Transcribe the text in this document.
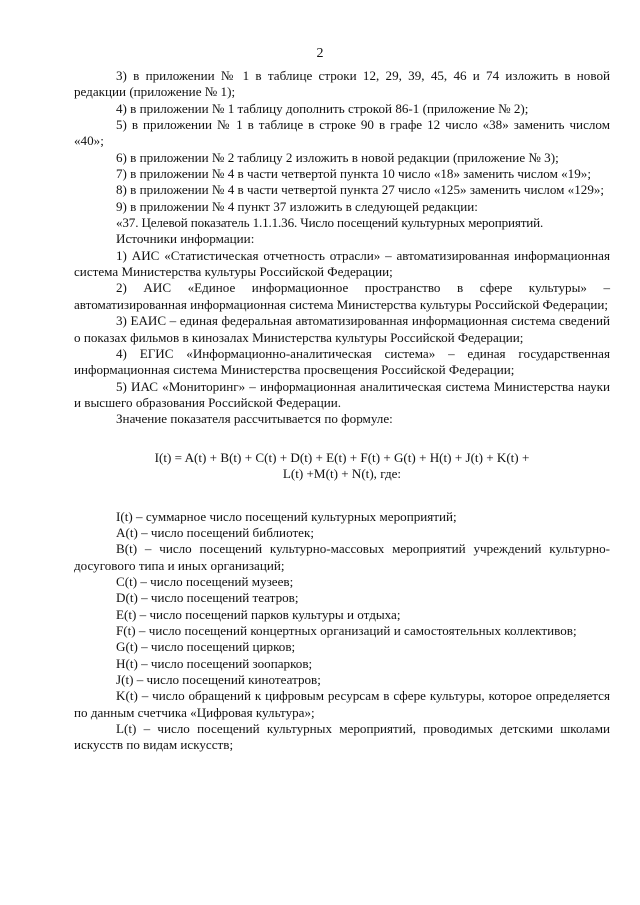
2

3) в приложении № 1 в таблице строки 12, 29, 39, 45, 46 и 74 изложить в новой редакции (приложение № 1);

4) в приложении № 1 таблицу дополнить строкой 86-1 (приложение № 2);

5) в приложении № 1 в таблице в строке 90 в графе 12 число «38» заменить числом «40»;

6) в приложении № 2 таблицу 2 изложить в новой редакции (приложение № 3);

7) в приложении № 4 в части четвертой пункта 10 число «18» заменить числом «19»;

8) в приложении № 4 в части четвертой пункта 27 число «125» заменить числом «129»;

9) в приложении № 4 пункт 37 изложить в следующей редакции:

«37. Целевой показатель 1.1.1.36. Число посещений культурных мероприятий.

Источники информации:

1) АИС «Статистическая отчетность отрасли» – автоматизированная информационная система Министерства культуры Российской Федерации;

2) АИС «Единое информационное пространство в сфере культуры» – автоматизированная информационная система Министерства культуры Российской Федерации;

3) ЕАИС – единая федеральная автоматизированная информационная система сведений о показах фильмов в кинозалах Министерства культуры Российской Федерации;

4) ЕГИС «Информационно-аналитическая система» – единая государственная информационная система Министерства просвещения Российской Федерации;

5) ИАС «Мониторинг» – информационная аналитическая система Министерства науки и высшего образования Российской Федерации.

Значение показателя рассчитывается по формуле:

I(t) = A(t) + B(t) + C(t) + D(t) + E(t) + F(t) + G(t) + H(t) + J(t) + K(t) +
L(t) +M(t) + N(t), где:

I(t) – суммарное число посещений культурных мероприятий;

A(t) – число посещений библиотек;

B(t) – число посещений культурно-массовых мероприятий учреждений культурно-досугового типа и иных организаций;

C(t) – число посещений музеев;

D(t) – число посещений театров;

E(t) – число посещений парков культуры и отдыха;

F(t) – число посещений концертных организаций и самостоятельных коллективов;

G(t) – число посещений цирков;

H(t) – число посещений зоопарков;

J(t) – число посещений кинотеатров;

K(t) – число обращений к цифровым ресурсам в сфере культуры, которое определяется по данным счетчика «Цифровая культура»;

L(t) – число посещений культурных мероприятий, проводимых детскими школами искусств по видам искусств;
